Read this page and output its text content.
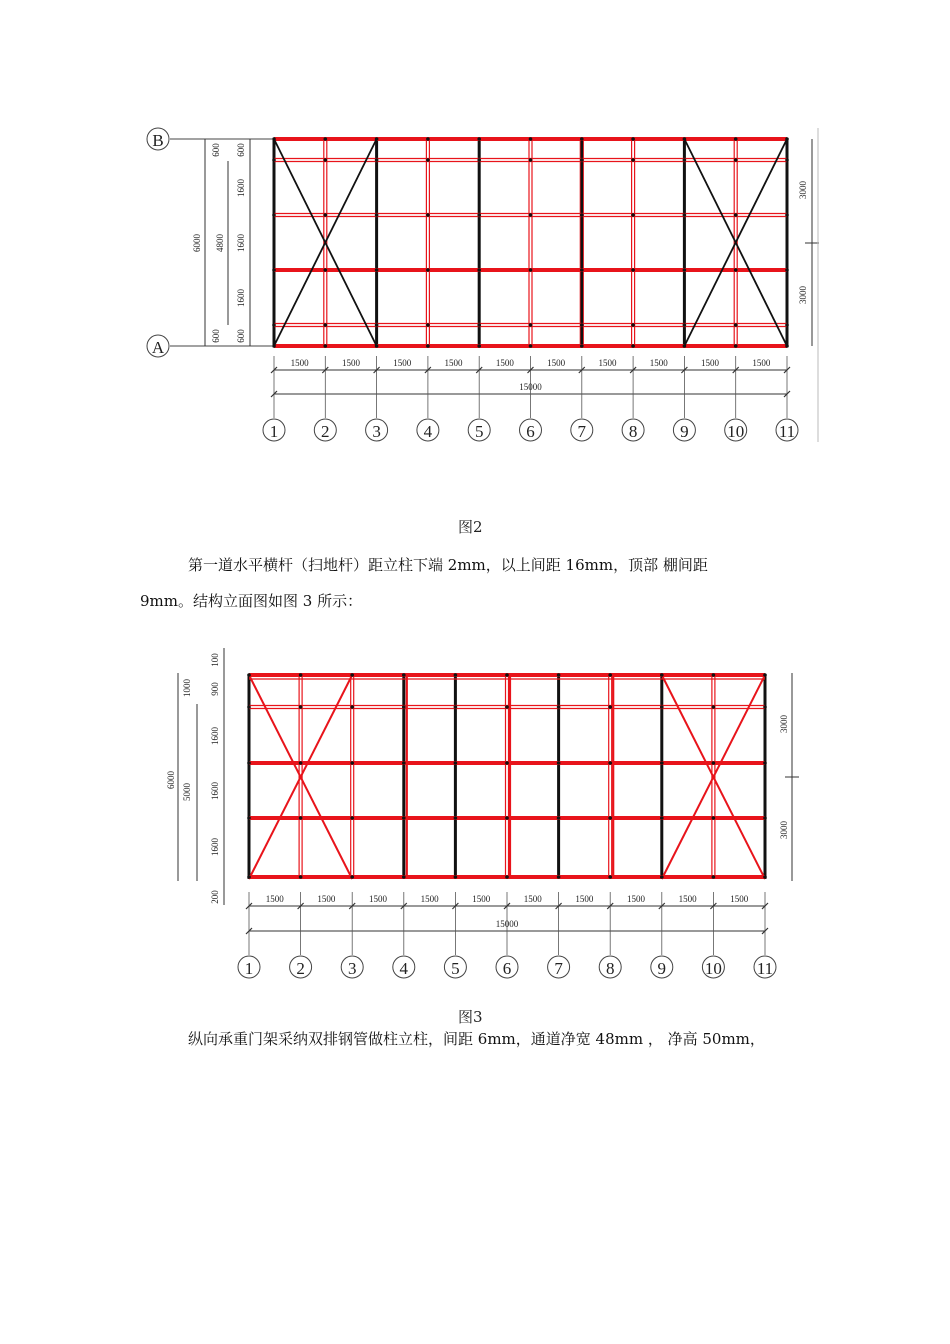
B
A
6000 4800
600
600
600
1600
1600
1600
600
3000
3000
1500	1500	1500	1500	1500	1500	1500	1500	1500	1500
15000
1	2	3	4	5	6	7	8	9 10 11
图2
第一道水平横杆（扫地杆）距立柱下端 2mm，以上间距 16mm，顶部 棚间距
9mm。结构立面图如图 3 所示：
6000
1000
5000
100
900
1600
1600
1600
200
3000
3000
1500	1500	1500	1500	1500	1500	1500	1500	1500	1500
15000
1	2	3	4	5	6	7	8	9 10 11
图3
纵向承重门架采纳双排钢管做柱立柱，间距 6mm，通道净宽 48mm ， 净高 50mm，
